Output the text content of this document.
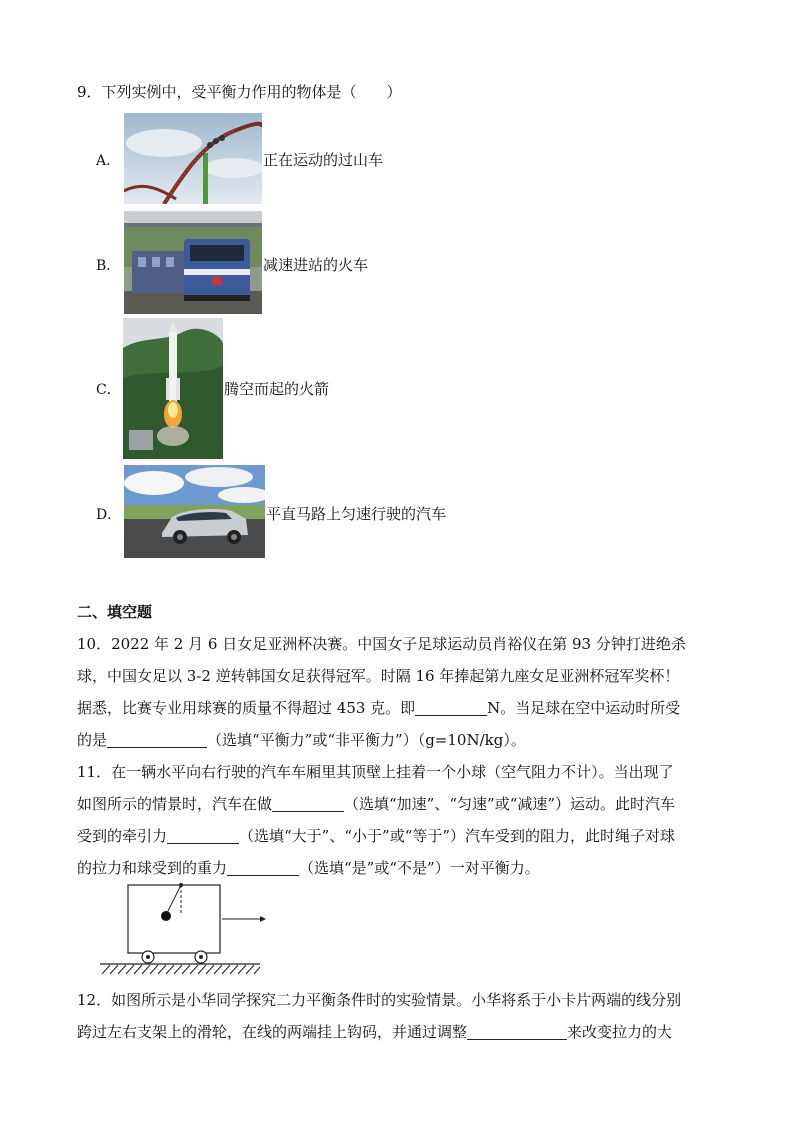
9．下列实例中，受平衡力作用的物体是（　　）
A．	正在运动的过山车
B．	减速进站的火车
C．	腾空而起的火箭
D．	平直马路上匀速行驶的汽车
二、填空题
10．2022 年 2 月 6 日女足亚洲杯决赛。中国女子足球运动员肖裕仪在第 93 分钟打进绝杀
球，中国女足以 3-2 逆转韩国女足获得冠军。时隔 16 年捧起第九座女足亚洲杯冠军奖杯！
据悉，比赛专业用球赛的质量不得超过 453 克。即	N。当足球在空中运动时所受
的是	（选填“平衡力”或“非平衡力”）（g=10N/kg）。
11．在一辆水平向右行驶的汽车车厢里其顶壁上挂着一个小球（空气阻力不计）。当出现了
如图所示的情景时，汽车在做	（选填“加速”、“匀速”或“减速”）运动。此时汽车
受到的牵引力	（选填“大于”、“小于”或“等于”）汽车受到的阻力，此时绳子对球
的拉力和球受到的重力	（选填“是”或“不是”）一对平衡力。
12．如图所示是小华同学探究二力平衡条件时的实验情景。小华将系于小卡片两端的线分别
跨过左右支架上的滑轮，在线的两端挂上钩码，并通过调整	来改变拉力的大
